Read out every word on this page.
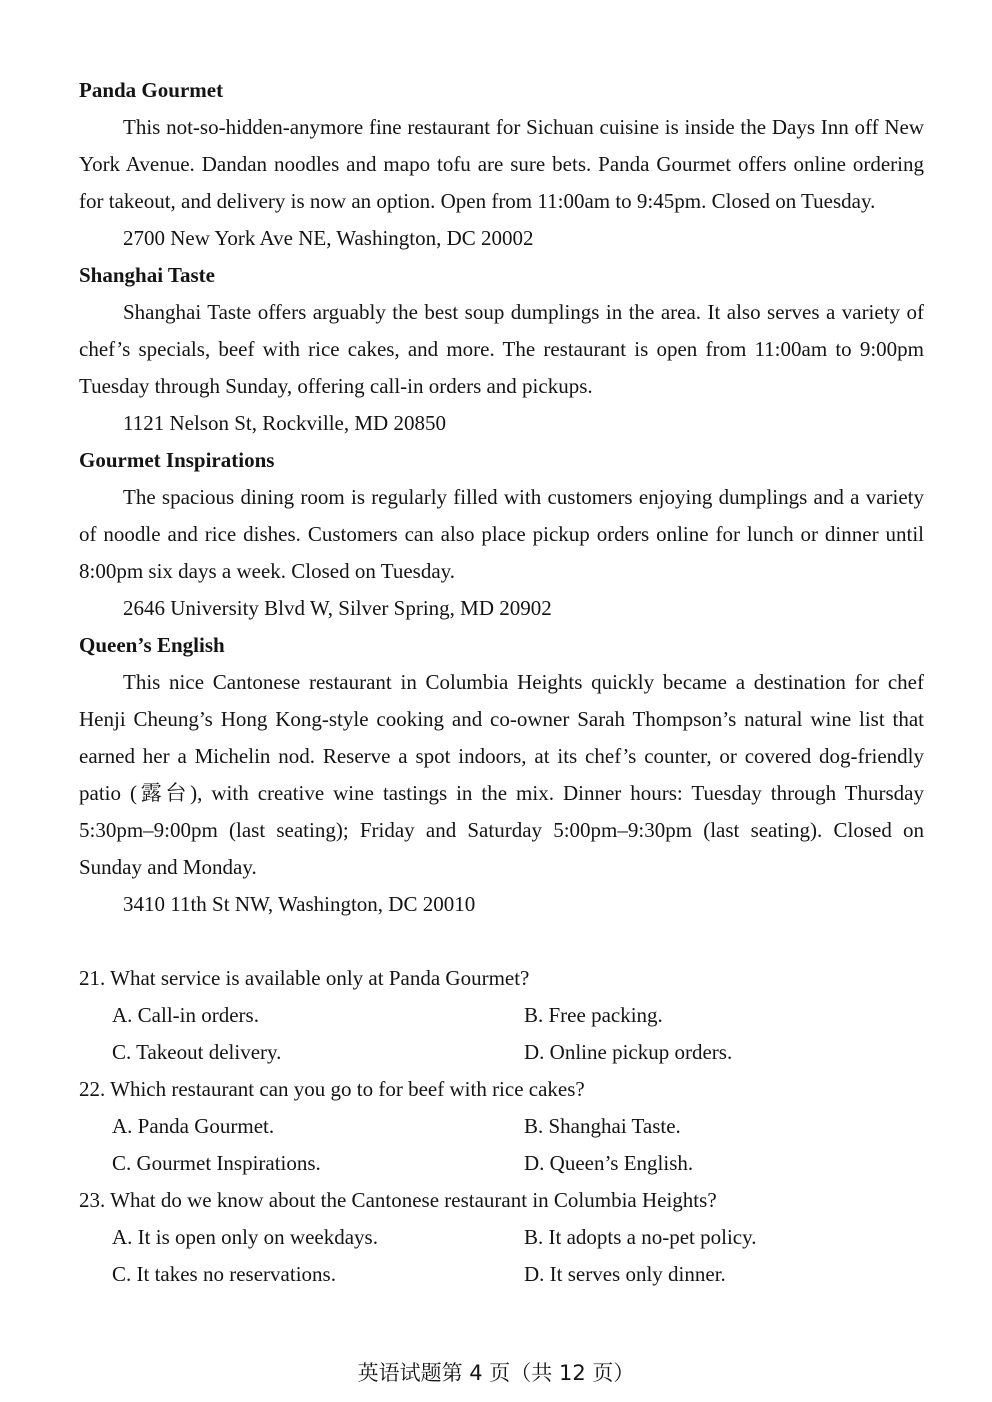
Panda Gourmet

This not-so-hidden-anymore fine restaurant for Sichuan cuisine is inside the Days Inn off New York Avenue. Dandan noodles and mapo tofu are sure bets. Panda Gourmet offers online ordering for takeout, and delivery is now an option. Open from 11:00am to 9:45pm. Closed on Tuesday.

2700 New York Ave NE, Washington, DC 20002

Shanghai Taste

Shanghai Taste offers arguably the best soup dumplings in the area. It also serves a variety of chef’s specials, beef with rice cakes, and more. The restaurant is open from 11:00am to 9:00pm Tuesday through Sunday, offering call-in orders and pickups.

1121 Nelson St, Rockville, MD 20850

Gourmet Inspirations

The spacious dining room is regularly filled with customers enjoying dumplings and a variety of noodle and rice dishes. Customers can also place pickup orders online for lunch or dinner until 8:00pm six days a week. Closed on Tuesday.

2646 University Blvd W, Silver Spring, MD 20902

Queen’s English

This nice Cantonese restaurant in Columbia Heights quickly became a destination for chef Henji Cheung’s Hong Kong-style cooking and co-owner Sarah Thompson’s natural wine list that earned her a Michelin nod. Reserve a spot indoors, at its chef’s counter, or covered dog-friendly patio (露台), with creative wine tastings in the mix. Dinner hours: Tuesday through Thursday 5:30pm–9:00pm (last seating); Friday and Saturday 5:00pm–9:30pm (last seating). Closed on Sunday and Monday.

3410 11th St NW, Washington, DC 20010

21. What service is available only at Panda Gourmet?

A. Call-in orders.	B. Free packing.
C. Takeout delivery.	D. Online pickup orders.

22. Which restaurant can you go to for beef with rice cakes?

A. Panda Gourmet.	B. Shanghai Taste.
C. Gourmet Inspirations.	D. Queen’s English.

23. What do we know about the Cantonese restaurant in Columbia Heights?

A. It is open only on weekdays.	B. It adopts a no-pet policy.
C. It takes no reservations.	D. It serves only dinner.
英语试题第 4 页（共 12 页）
